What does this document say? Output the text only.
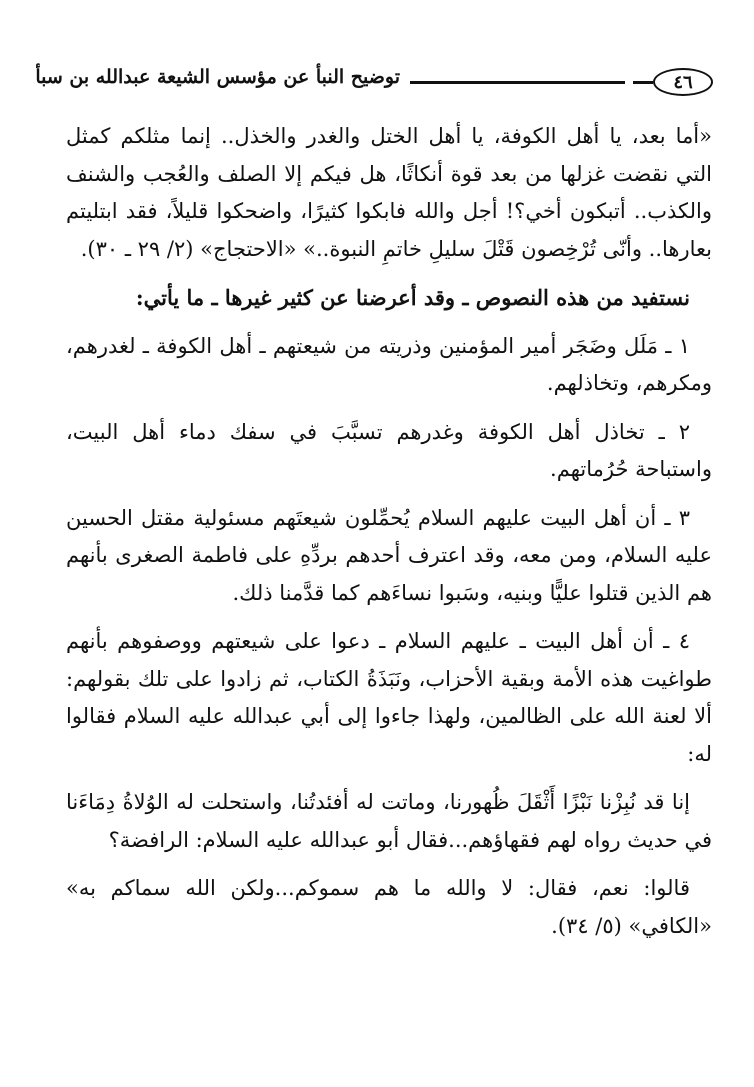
٤٦
توضيح النبأ عن مؤسس الشيعة عبدالله بن سبأ

«أما بعد، يا أهل الكوفة، يا أهل الختل والغدر والخذل.. إنما مثلكم كمثل التي نقضت غزلها من بعد قوة أنكاثًا، هل فيكم إلا الصلف والعُجب والشنف والكذب.. أتبكون أخي؟! أجل والله فابكوا كثيرًا، واضحكوا قليلاً، فقد ابتليتم بعارها.. وأنّى تُرْخِصون قَتْلَ سليلِ خاتمِ النبوة..» «الاحتجاج» (٢/ ٢٩ ـ ٣٠).

نستفيد من هذه النصوص ـ وقد أعرضنا عن كثير غيرها ـ ما يأتي:

١ ـ مَلَل وضَجَر أمير المؤمنين وذريته من شيعتهم ـ أهل الكوفة ـ لغدرهم، ومكرهم، وتخاذلهم.

٢ ـ تخاذل أهل الكوفة وغدرهم تسبَّبَ في سفك دماء أهل البيت، واستباحة حُرُماتهم.

٣ ـ أن أهل البيت عليهم السلام يُحمِّلون شيعتَهم مسئولية مقتل الحسين عليه السلام، ومن معه، وقد اعترف أحدهم بردِّهِ على فاطمة الصغرى بأنهم هم الذين قتلوا عليًّا وبنيه، وسَبوا نساءَهم كما قدَّمنا ذلك.

٤ ـ أن أهل البيت ـ عليهم السلام ـ دعوا على شيعتهم ووصفوهم بأنهم طواغيت هذه الأمة وبقية الأحزاب، ونَبَذَةُ الكتاب، ثم زادوا على تلك بقولهم: ألا لعنة الله على الظالمين، ولهذا جاءوا إلى أبي عبدالله عليه السلام فقالوا له:

إنا قد نُبِزْنا نَبْزًا أَثْقَلَ ظُهورنا، وماتت له أفئدتُنا، واستحلت له الوُلاةُ دِمَاءَنا في حديث رواه لهم فقهاؤهم...فقال أبو عبدالله عليه السلام: الرافضة؟

قالوا: نعم، فقال: لا والله ما هم سموكم...ولكن الله سماكم به» «الكافي» (٥/ ٣٤).
